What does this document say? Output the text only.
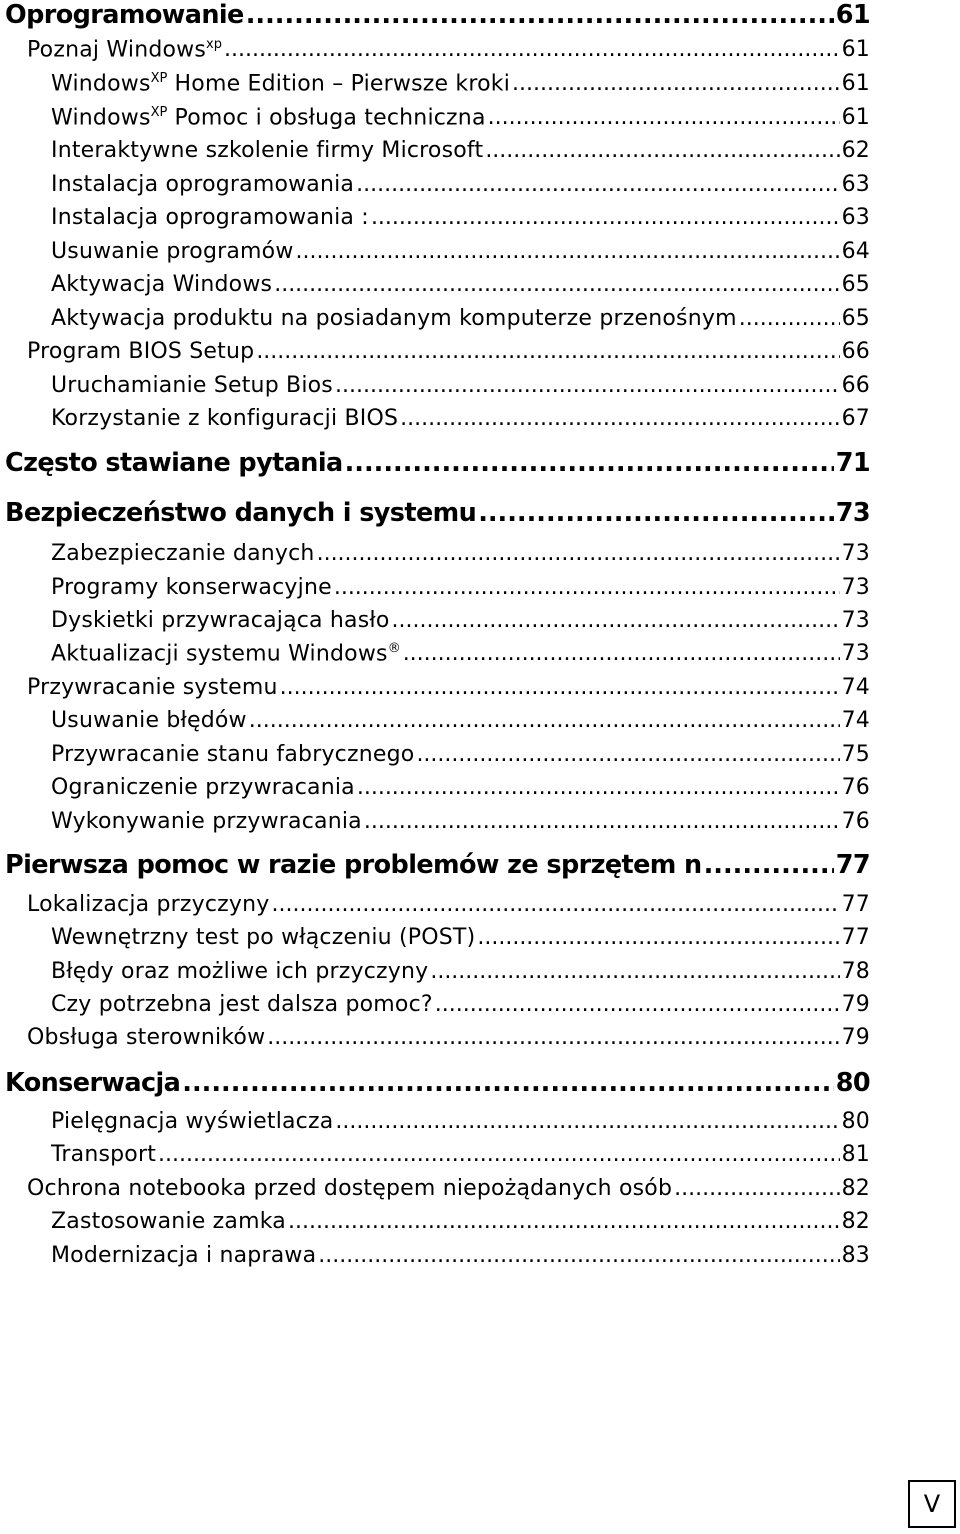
Oprogramowanie .....	61
Poznaj Windows$^{xp}$ .....	61
Windows$^{XP}$ Home Edition – Pierwsze kroki .....	61
Windows$^{XP}$ Pomoc i obsługa techniczna .....	61
Interaktywne szkolenie firmy Microsoft .....	62
Instalacja oprogramowania .....	63
Instalacja oprogramowania : .....	63
Usuwanie programów .....	64
Aktywacja Windows .....	65
Aktywacja produktu na posiadanym komputerze przenośnym .....	65
Program BIOS Setup .....	66
Uruchamianie Setup Bios .....	66
Korzystanie z konfiguracji BIOS .....	67
Często stawiane pytania .....	71
Bezpieczeństwo danych i systemu .....	73
Zabezpieczanie danych .....	73
Programy konserwacyjne .....	73
Dyskietki przywracająca hasło .....	73
Aktualizacji systemu Windows® .....	73
Przywracanie systemu .....	74
Usuwanie błędów .....	74
Przywracanie stanu fabrycznego .....	75
Ograniczenie przywracania .....	76
Wykonywanie przywracania .....	76
Pierwsza pomoc w razie problemów ze sprzętem n .....	77
Lokalizacja przyczyny .....	77
Wewnętrzny test po włączeniu (POST) .....	77
Błędy oraz możliwe ich przyczyny .....	78
Czy potrzebna jest dalsza pomoc? .....	79
Obsługa sterowników .....	79
Konserwacja .....	80
Pielęgnacja wyświetlacza .....	80
Transport .....	81
Ochrona notebooka przed dostępem niepożądanych osób .....	82
Zastosowanie zamka .....	82
Modernizacja i naprawa .....	83
V
